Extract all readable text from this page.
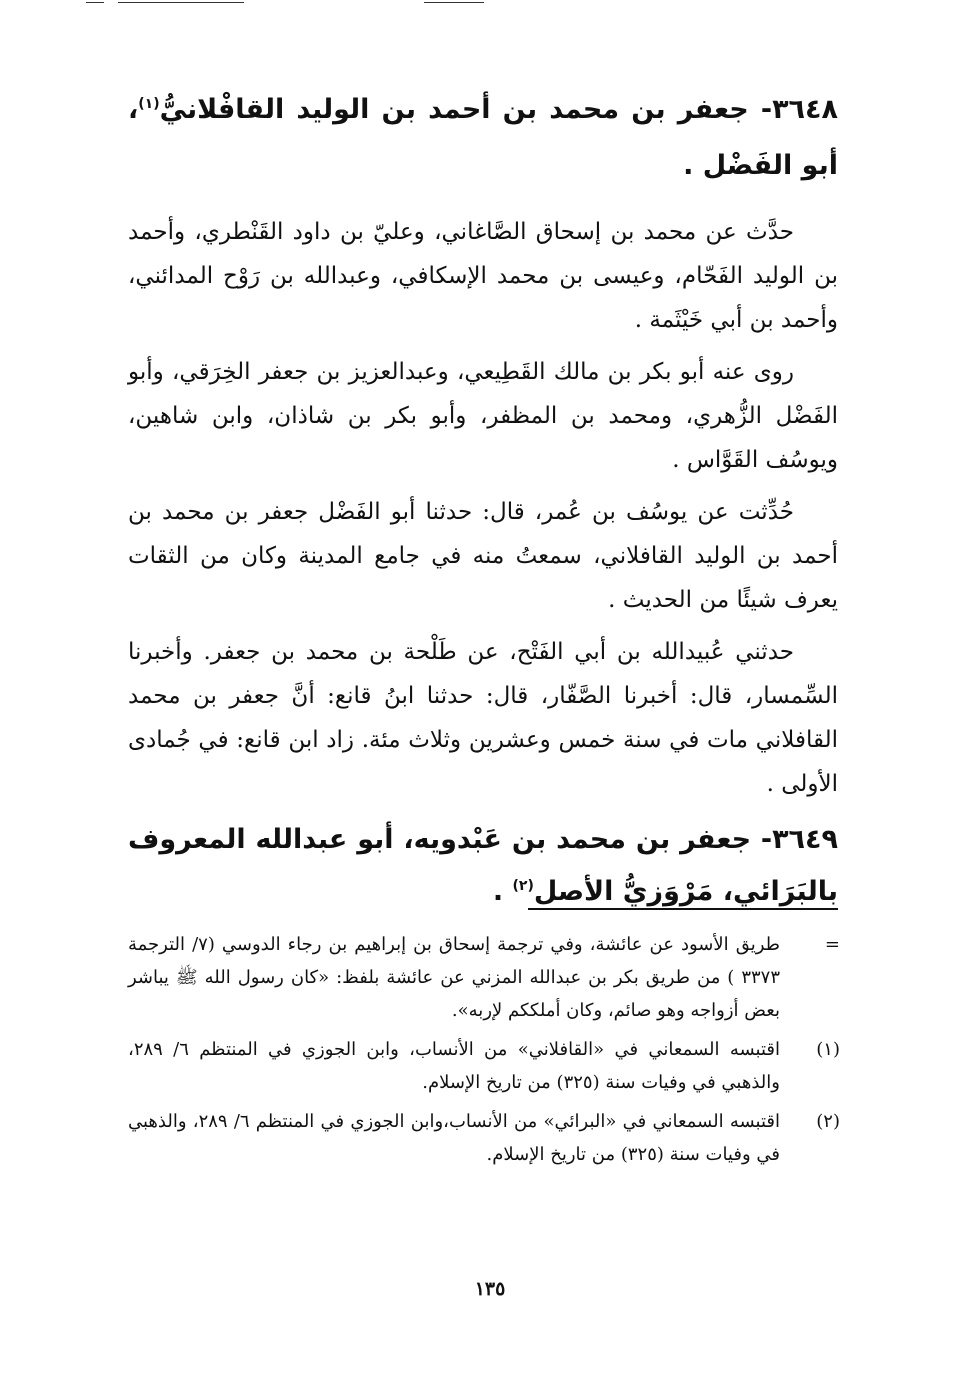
٣٦٤٨- جعفر بن محمد بن أحمد بن الوليد القافْلانيُّ$^{(١)}$، أبو الفَضْل .

حدَّث عن محمد بن إسحاق الصَّاغاني، وعليّ بن داود القَنْطري، وأحمد بن الوليد الفَحّام، وعيسى بن محمد الإسكافي، وعبدالله بن رَوْح المدائني، وأحمد بن أبي خَيْثَمة .

روى عنه أبو بكر بن مالك القَطِيعي، وعبدالعزيز بن جعفر الخِرَقي، وأبو الفَضْل الزُّهري، ومحمد بن المظفر، وأبو بكر بن شاذان، وابن شاهين، ويوسُف القَوَّاس .

حُدِّثت عن يوسُف بن عُمر، قال: حدثنا أبو الفَضْل جعفر بن محمد بن أحمد بن الوليد القافلاني، سمعتُ منه في جامع المدينة وكان من الثقات يعرف شيئًا من الحديث .

حدثني عُبيدالله بن أبي الفَتْح، عن طَلْحة بن محمد بن جعفر. وأخبرنا السِّمسار، قال: أخبرنا الصَّفّار، قال: حدثنا ابنُ قانع: أنَّ جعفر بن محمد القافلاني مات في سنة خمس وعشرين وثلاث مئة. زاد ابن قانع: في جُمادى الأولى .

٣٦٤٩- جعفر بن محمد بن عَبْدويه، أبو عبدالله المعروف بالبَرَائي، مَرْوَزيُّ الأصل$^{(٢)}$ .
=
طريق الأسود عن عائشة، وفي ترجمة إسحاق بن إبراهيم بن رجاء الدوسي (٧/ الترجمة ٣٣٧٣ ) من طريق بكر بن عبدالله المزني عن عائشة بلفظ: «كان رسول الله ﷺ يباشر بعض أزواجه وهو صائم، وكان أملككم لإربه».
(١)
اقتبسه السمعاني في «القافلاني» من الأنساب، وابن الجوزي في المنتظم ٦/ ٢٨٩، والذهبي في وفيات سنة (٣٢٥) من تاريخ الإسلام.
(٢)
اقتبسه السمعاني في «البرائي» من الأنساب،وابن الجوزي في المنتظم ٦/ ٢٨٩، والذهبي في وفيات سنة (٣٢٥) من تاريخ الإسلام.
١٣٥
